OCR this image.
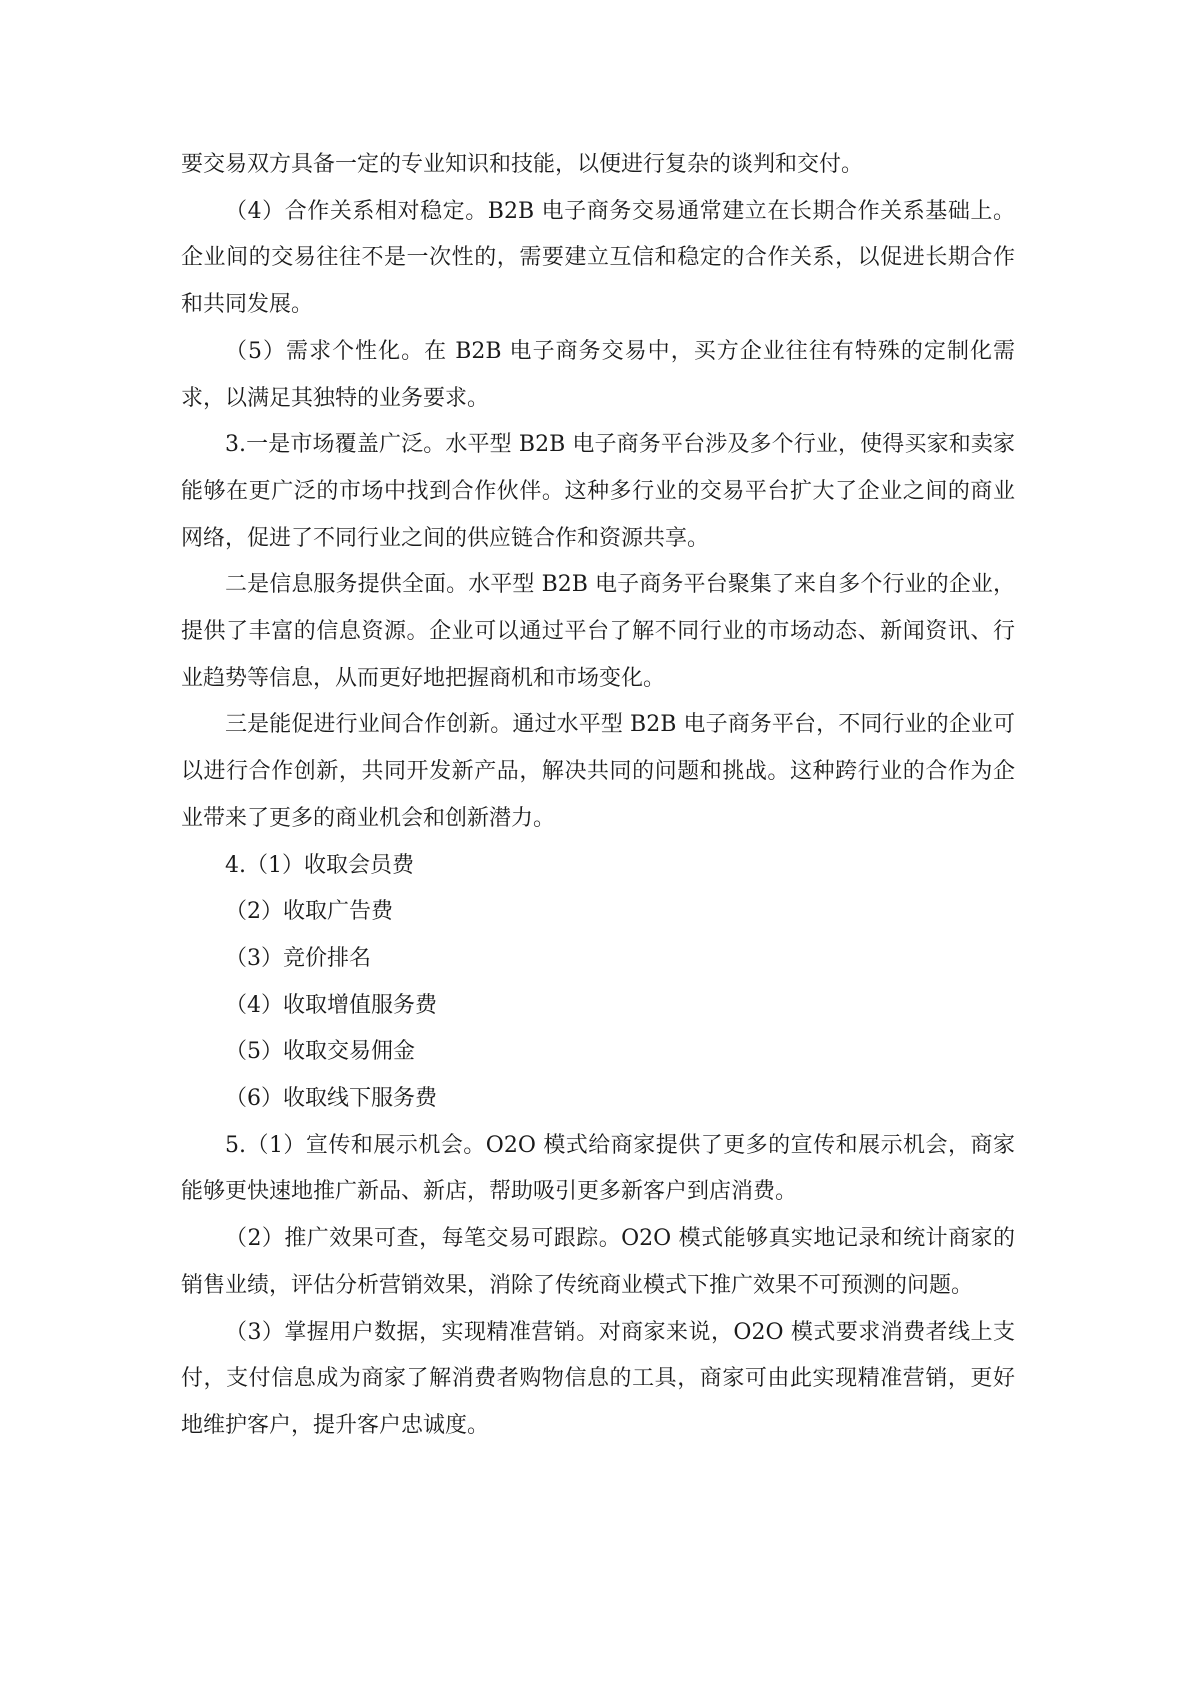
要交易双方具备一定的专业知识和技能，以便进行复杂的谈判和交付。

（4）合作关系相对稳定。B2B 电子商务交易通常建立在长期合作关系基础上。企业间的交易往往不是一次性的，需要建立互信和稳定的合作关系，以促进长期合作和共同发展。

（5）需求个性化。在 B2B 电子商务交易中，买方企业往往有特殊的定制化需求，以满足其独特的业务要求。

3.一是市场覆盖广泛。水平型 B2B 电子商务平台涉及多个行业，使得买家和卖家能够在更广泛的市场中找到合作伙伴。这种多行业的交易平台扩大了企业之间的商业网络，促进了不同行业之间的供应链合作和资源共享。

二是信息服务提供全面。水平型 B2B 电子商务平台聚集了来自多个行业的企业，提供了丰富的信息资源。企业可以通过平台了解不同行业的市场动态、新闻资讯、行业趋势等信息，从而更好地把握商机和市场变化。

三是能促进行业间合作创新。通过水平型 B2B 电子商务平台，不同行业的企业可以进行合作创新，共同开发新产品，解决共同的问题和挑战。这种跨行业的合作为企业带来了更多的商业机会和创新潜力。

4.（1）收取会员费

（2）收取广告费

（3）竞价排名

（4）收取增值服务费

（5）收取交易佣金

（6）收取线下服务费

5.（1）宣传和展示机会。O2O 模式给商家提供了更多的宣传和展示机会，商家能够更快速地推广新品、新店，帮助吸引更多新客户到店消费。

（2）推广效果可查，每笔交易可跟踪。O2O 模式能够真实地记录和统计商家的销售业绩，评估分析营销效果，消除了传统商业模式下推广效果不可预测的问题。

（3）掌握用户数据，实现精准营销。对商家来说，O2O 模式要求消费者线上支付，支付信息成为商家了解消费者购物信息的工具，商家可由此实现精准营销，更好地维护客户，提升客户忠诚度。
